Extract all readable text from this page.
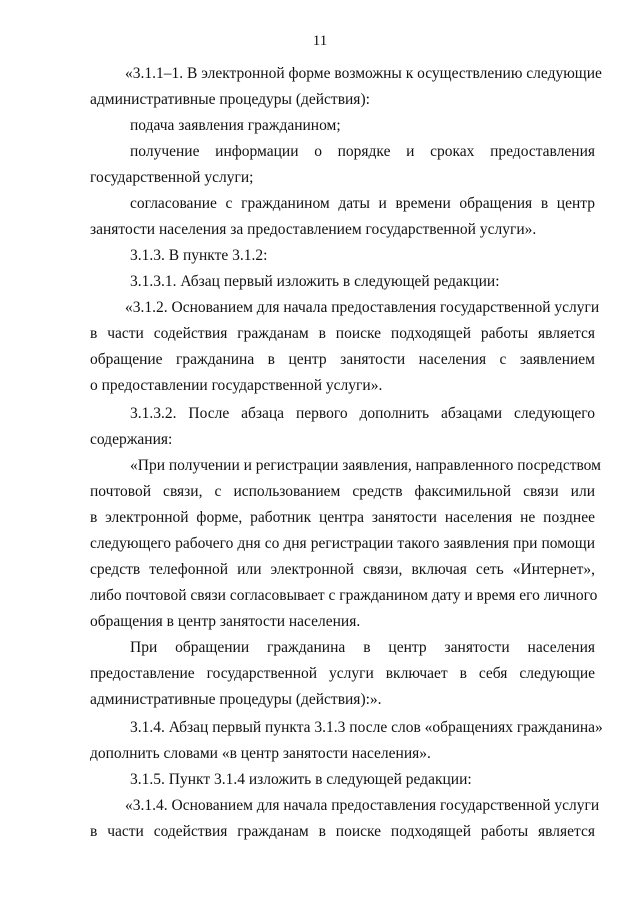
11
«3.1.1–1. В электронной форме возможны к осуществлению следующие
административные процедуры (действия):
подача заявления гражданином;
получение информации о порядке и сроках предоставления
государственной услуги;
согласование с гражданином даты и времени обращения в центр
занятости населения за предоставлением государственной услуги».
3.1.3. В пункте 3.1.2:
3.1.3.1. Абзац первый изложить в следующей редакции:
«3.1.2. Основанием для начала предоставления государственной услуги
в части содействия гражданам в поиске подходящей работы является
обращение гражданина в центр занятости населения с заявлением
о предоставлении государственной услуги».
3.1.3.2. После абзаца первого дополнить абзацами следующего
содержания:
«При получении и регистрации заявления, направленного посредством
почтовой связи, с использованием средств факсимильной связи или
в электронной форме, работник центра занятости населения не позднее
следующего рабочего дня со дня регистрации такого заявления при помощи
средств телефонной или электронной связи, включая сеть «Интернет»,
либо почтовой связи согласовывает с гражданином дату и время его личного
обращения в центр занятости населения.
При обращении гражданина в центр занятости населения
предоставление государственной услуги включает в себя следующие
административные процедуры (действия):».
3.1.4. Абзац первый пункта 3.1.3 после слов «обращениях гражданина»
дополнить словами «в центр занятости населения».
3.1.5. Пункт 3.1.4 изложить в следующей редакции:
«3.1.4. Основанием для начала предоставления государственной услуги
в части содействия гражданам в поиске подходящей работы является
